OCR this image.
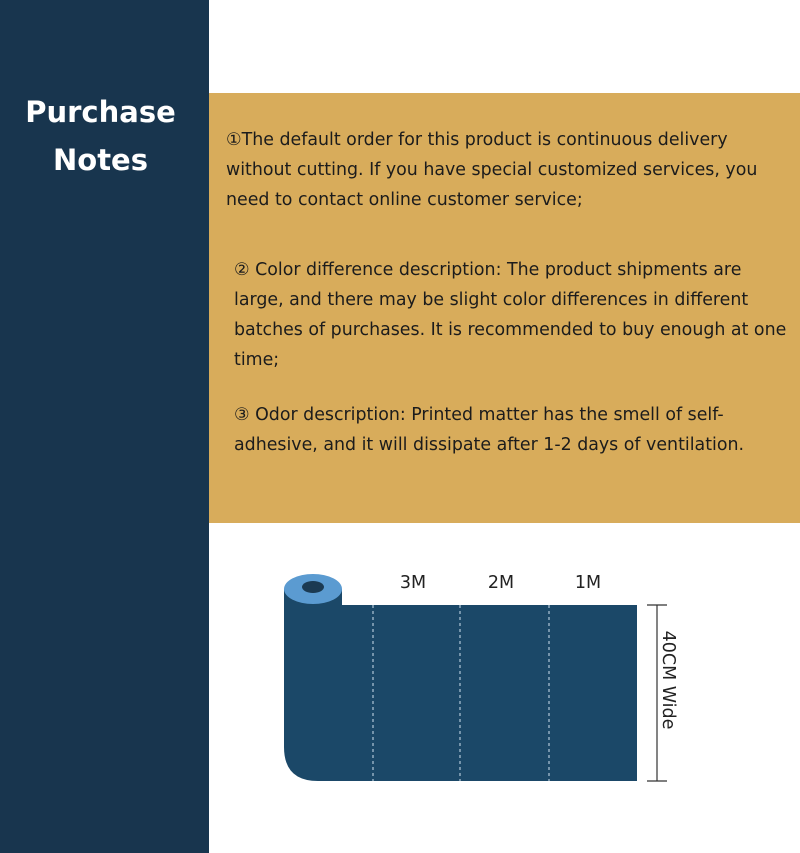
Purchase
Notes

①The default order for this product is continuous delivery without cutting. If you have special customized services, you need to contact online customer service;

② Color difference description: The product shipments are large, and there may be slight color differences in different batches of purchases. It is recommended to buy enough at one time;

③ Odor description: Printed matter has the smell of self-adhesive, and it will dissipate after 1-2 days of ventilation.

3M	2M	1M
40CM Wide
